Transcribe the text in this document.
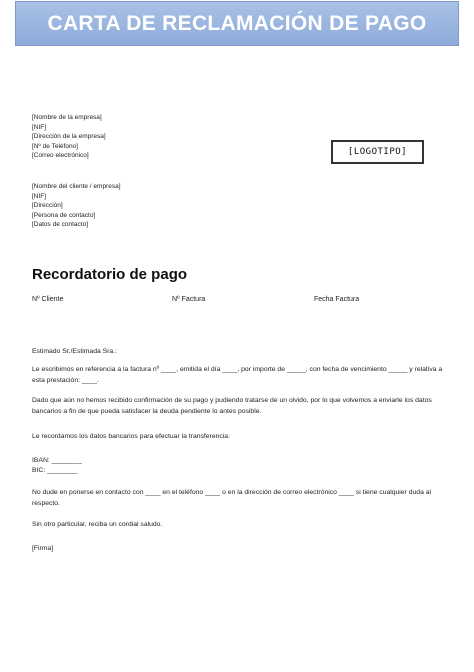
CARTA DE RECLAMACIÓN DE PAGO
[Nombre de la empresa]
[NIF]
[Dirección de la empresa]
[Nº de Teléfono]
[Correo electrónico]	[LOGOTIPO]
[Nombre del cliente / empresa]
[NIF]
[Dirección]
[Persona de contacto]
[Datos de contacto]
Recordatorio de pago
Nº Cliente	Nº Factura	Fecha Factura

Estimado Sr./Estimada Sra.:

Le escribimos en referencia a la factura nº ____, emitida el día ____, por importe de _____, con fecha de vencimiento _____ y relativa a esta prestación: ____.

Dado que aún no hemos recibido confirmación de su pago y pudiendo tratarse de un olvido, por lo que volvemos a enviarle los datos bancarios a fin de que pueda satisfacer la deuda pendiente lo antes posible.

Le recordamos los datos bancarios para efectuar la transferencia:

IBAN: ________

BIC: ________

No dude en ponerse en contacto con ____ en el teléfono ____ o en la dirección de correo electrónico ____ si tiene cualquier duda al respecto.

Sin otro particular, reciba un cordial saludo.

[Firma]
